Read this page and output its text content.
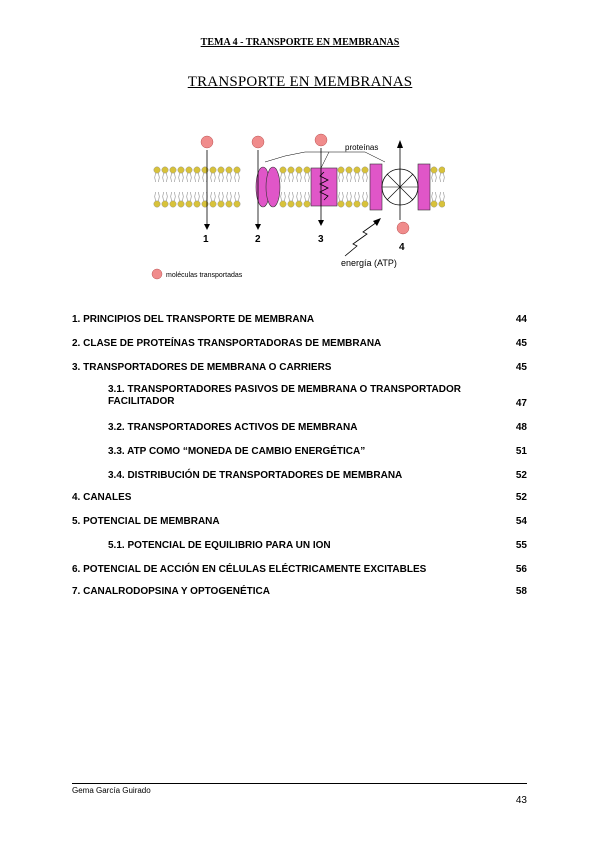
TEMA 4 - TRANSPORTE EN MEMBRANAS
TRANSPORTE EN MEMBRANAS
proteínas
1	2	3
4
energía (ATP)
moléculas transportadas
1. PRINCIPIOS DEL TRANSPORTE DE MEMBRANA	44
2. CLASE DE PROTEÍNAS TRANSPORTADORAS DE MEMBRANA	45
3. TRANSPORTADORES DE MEMBRANA O CARRIERS	45
3.1. TRANSPORTADORES PASIVOS DE MEMBRANA O TRANSPORTADOR FACILITADOR	47
3.2. TRANSPORTADORES ACTIVOS DE MEMBRANA	48
3.3. ATP COMO “MONEDA DE CAMBIO ENERGÉTICA”	51
3.4. DISTRIBUCIÓN DE TRANSPORTADORES DE MEMBRANA	52
4. CANALES	52
5. POTENCIAL DE MEMBRANA	54
5.1. POTENCIAL DE EQUILIBRIO PARA UN ION	55
6. POTENCIAL DE ACCIÓN EN CÉLULAS ELÉCTRICAMENTE EXCITABLES	56
7. CANALRODOPSINA Y OPTOGENÉTICA	58
Gema García Guirado
43
